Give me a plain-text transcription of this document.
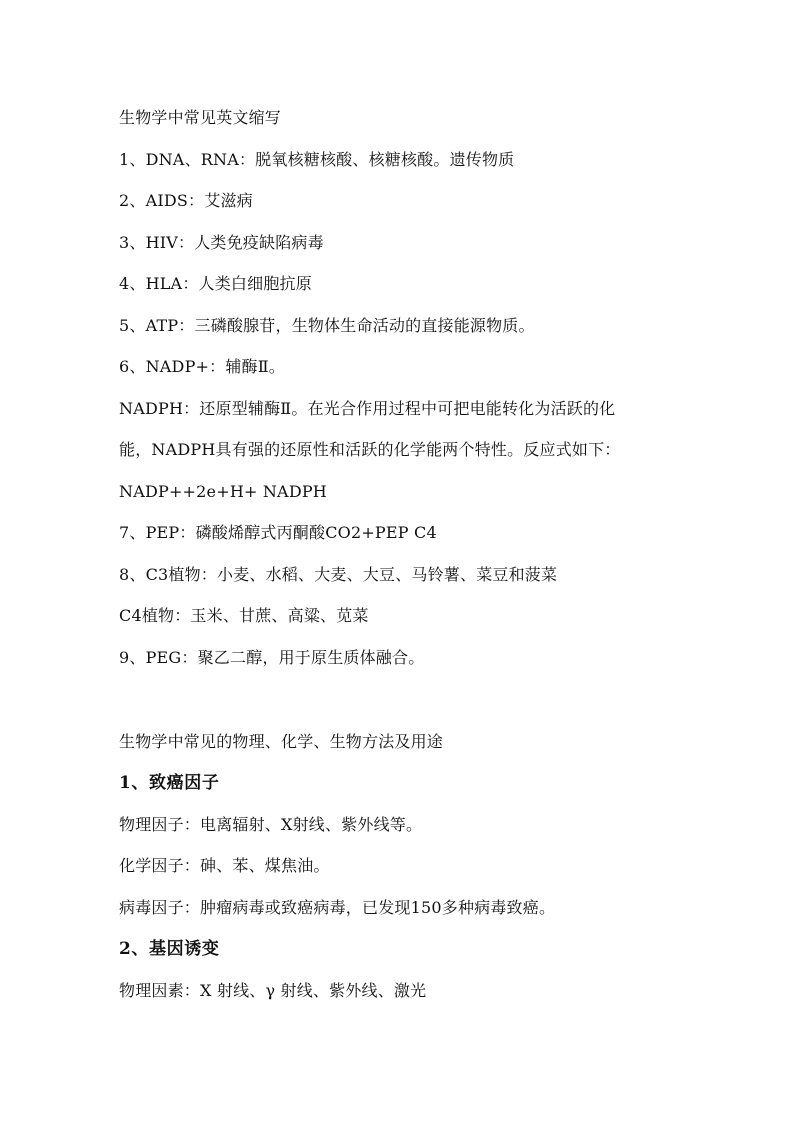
生物学中常见英文缩写
1、DNA、RNA：脱氧核糖核酸、核糖核酸。遗传物质
2、AIDS：艾滋病
3、HIV：人类免疫缺陷病毒
4、HLA：人类白细胞抗原
5、ATP：三磷酸腺苷，生物体生命活动的直接能源物质。
6、NADP+：辅酶Ⅱ。
NADPH：还原型辅酶Ⅱ。在光合作用过程中可把电能转化为活跃的化
能，NADPH具有强的还原性和活跃的化学能两个特性。反应式如下：
NADP++2e+H+ NADPH
7、PEP：磷酸烯醇式丙酮酸CO2+PEP C4
8、C3植物：小麦、水稻、大麦、大豆、马铃薯、菜豆和菠菜
C4植物：玉米、甘蔗、高粱、苋菜
9、PEG：聚乙二醇，用于原生质体融合。
生物学中常见的物理、化学、生物方法及用途
1、致癌因子
物理因子：电离辐射、X射线、紫外线等。
化学因子：砷、苯、煤焦油。
病毒因子：肿瘤病毒或致癌病毒，已发现150多种病毒致癌。
2、基因诱变
物理因素：X 射线、γ 射线、紫外线、激光
